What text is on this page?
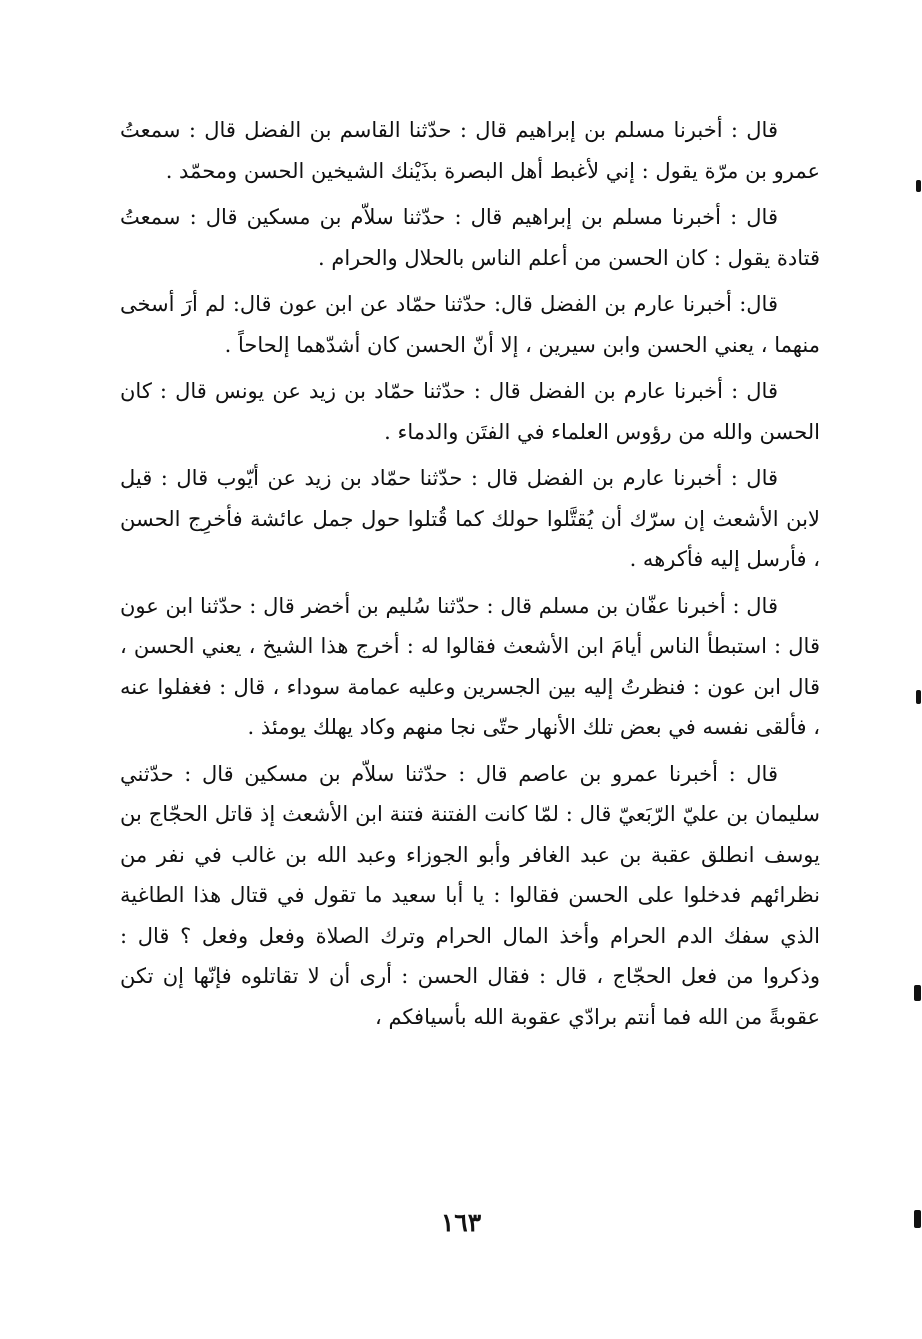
قال : أخبرنا مسلم بن إبراهيم قال : حدّثنا القاسم بن الفضل قال : سمعتُ عمرو بن مرّة يقول : إني لأغبط أهل البصرة بذَيْنك الشيخين الحسن ومحمّد .

قال : أخبرنا مسلم بن إبراهيم قال : حدّثنا سلاّم بن مسكين قال : سمعتُ قتادة يقول : كان الحسن من أعلم الناس بالحلال والحرام .

قال: أخبرنا عارم بن الفضل قال: حدّثنا حمّاد عن ابن عون قال: لم أرَ أسخى منهما ، يعني الحسن وابن سيرين ، إلا أنّ الحسن كان أشدّهما إلحاحاً .

قال : أخبرنا عارم بن الفضل قال : حدّثنا حمّاد بن زيد عن يونس قال : كان الحسن والله من رؤوس العلماء في الفتَن والدماء .

قال : أخبرنا عارم بن الفضل قال : حدّثنا حمّاد بن زيد عن أيّوب قال : قيل لابن الأشعث إن سرّك أن يُقتَّلوا حولك كما قُتلوا حول جمل عائشة فأخرِج الحسن ، فأرسل إليه فأكرهه .

قال : أخبرنا عفّان بن مسلم قال : حدّثنا سُليم بن أخضر قال : حدّثنا ابن عون قال : استبطأ الناس أيامَ ابن الأشعث فقالوا له : أخرج هذا الشيخ ، يعني الحسن ، قال ابن عون : فنظرتُ إليه بين الجسرين وعليه عمامة سوداء ، قال : فغفلوا عنه ، فألقى نفسه في بعض تلك الأنهار حتّى نجا منهم وكاد يهلك يومئذ .

قال : أخبرنا عمرو بن عاصم قال : حدّثنا سلاّم بن مسكين قال : حدّثني سليمان بن عليّ الرّبَعيّ قال : لمّا كانت الفتنة فتنة ابن الأشعث إذ قاتل الحجّاج بن يوسف انطلق عقبة بن عبد الغافر وأبو الجوزاء وعبد الله بن غالب في نفر من نظرائهم فدخلوا على الحسن فقالوا : يا أبا سعيد ما تقول في قتال هذا الطاغية الذي سفك الدم الحرام وأخذ المال الحرام وترك الصلاة وفعل وفعل ؟ قال : وذكروا من فعل الحجّاج ، قال : فقال الحسن : أرى أن لا تقاتلوه فإنّها إن تكن عقوبةً من الله فما أنتم برادّي عقوبة الله بأسيافكم ،

١٦٣
